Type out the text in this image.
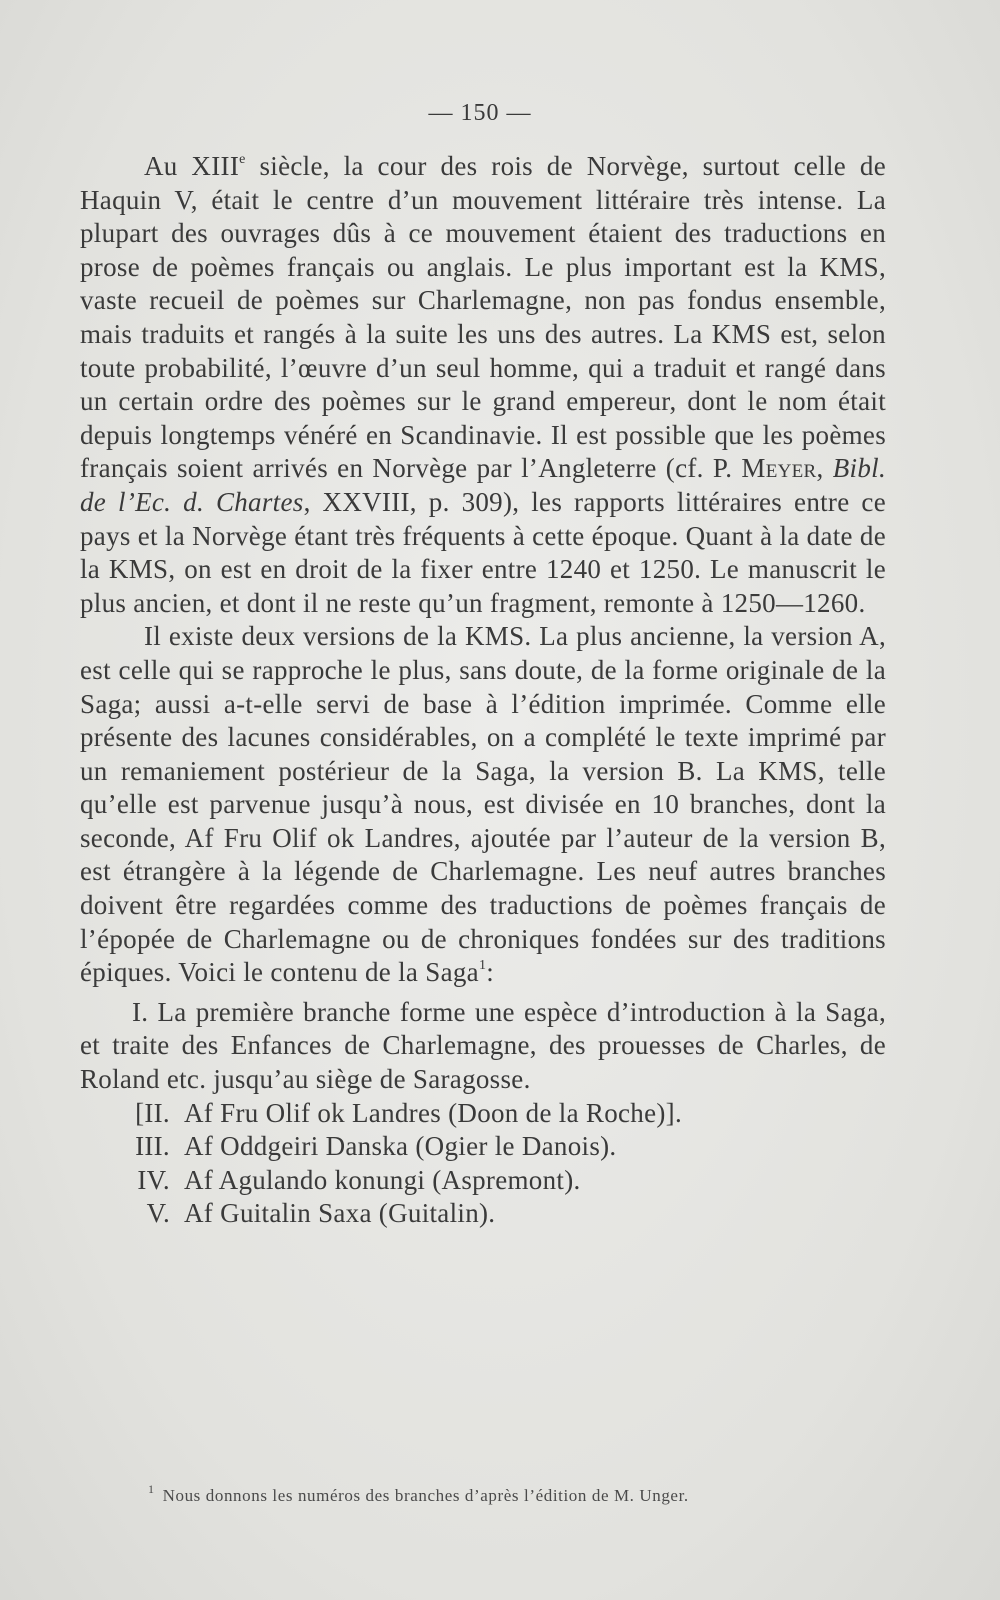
— 150 —

Au XIIIe siècle, la cour des rois de Norvège, surtout celle de Haquin V, était le centre d’un mouvement littéraire très intense. La plupart des ouvrages dûs à ce mouvement étaient des traductions en prose de poèmes français ou anglais. Le plus important est la KMS, vaste recueil de poèmes sur Charlemagne, non pas fondus ensemble, mais traduits et rangés à la suite les uns des autres. La KMS est, selon toute probabilité, l’œuvre d’un seul homme, qui a traduit et rangé dans un certain ordre des poèmes sur le grand empereur, dont le nom était depuis longtemps vénéré en Scandinavie. Il est possible que les poèmes français soient arrivés en Norvège par l’Angleterre (cf. P. Meyer, Bibl. de l’Ec. d. Chartes, XXVIII, p. 309), les rapports littéraires entre ce pays et la Norvège étant très fréquents à cette époque. Quant à la date de la KMS, on est en droit de la fixer entre 1240 et 1250. Le manuscrit le plus ancien, et dont il ne reste qu’un fragment, remonte à 1250—1260.

Il existe deux versions de la KMS. La plus ancienne, la version A, est celle qui se rapproche le plus, sans doute, de la forme originale de la Saga; aussi a-t-elle servi de base à l’édition imprimée. Comme elle présente des lacunes considérables, on a complété le texte imprimé par un remaniement postérieur de la Saga, la version B. La KMS, telle qu’elle est parvenue jusqu’à nous, est divisée en 10 branches, dont la seconde, Af Fru Olif ok Landres, ajoutée par l’auteur de la version B, est étrangère à la légende de Charlemagne. Les neuf autres branches doivent être regardées comme des traductions de poèmes français de l’épopée de Charlemagne ou de chroniques fondées sur des traditions épiques. Voici le contenu de la Saga$^1$:

I. La première branche forme une espèce d’introduction à la Saga, et traite des Enfances de Charlemagne, des prouesses de Charles, de Roland etc. jusqu’au siège de Saragosse.

[II. Af Fru Olif ok Landres (Doon de la Roche)].
III. Af Oddgeiri Danska (Ogier le Danois).
IV. Af Agulando konungi (Aspremont).
V. Af Guitalin Saxa (Guitalin).
$^1$ Nous donnons les numéros des branches d’après l’édition de M. Unger.
